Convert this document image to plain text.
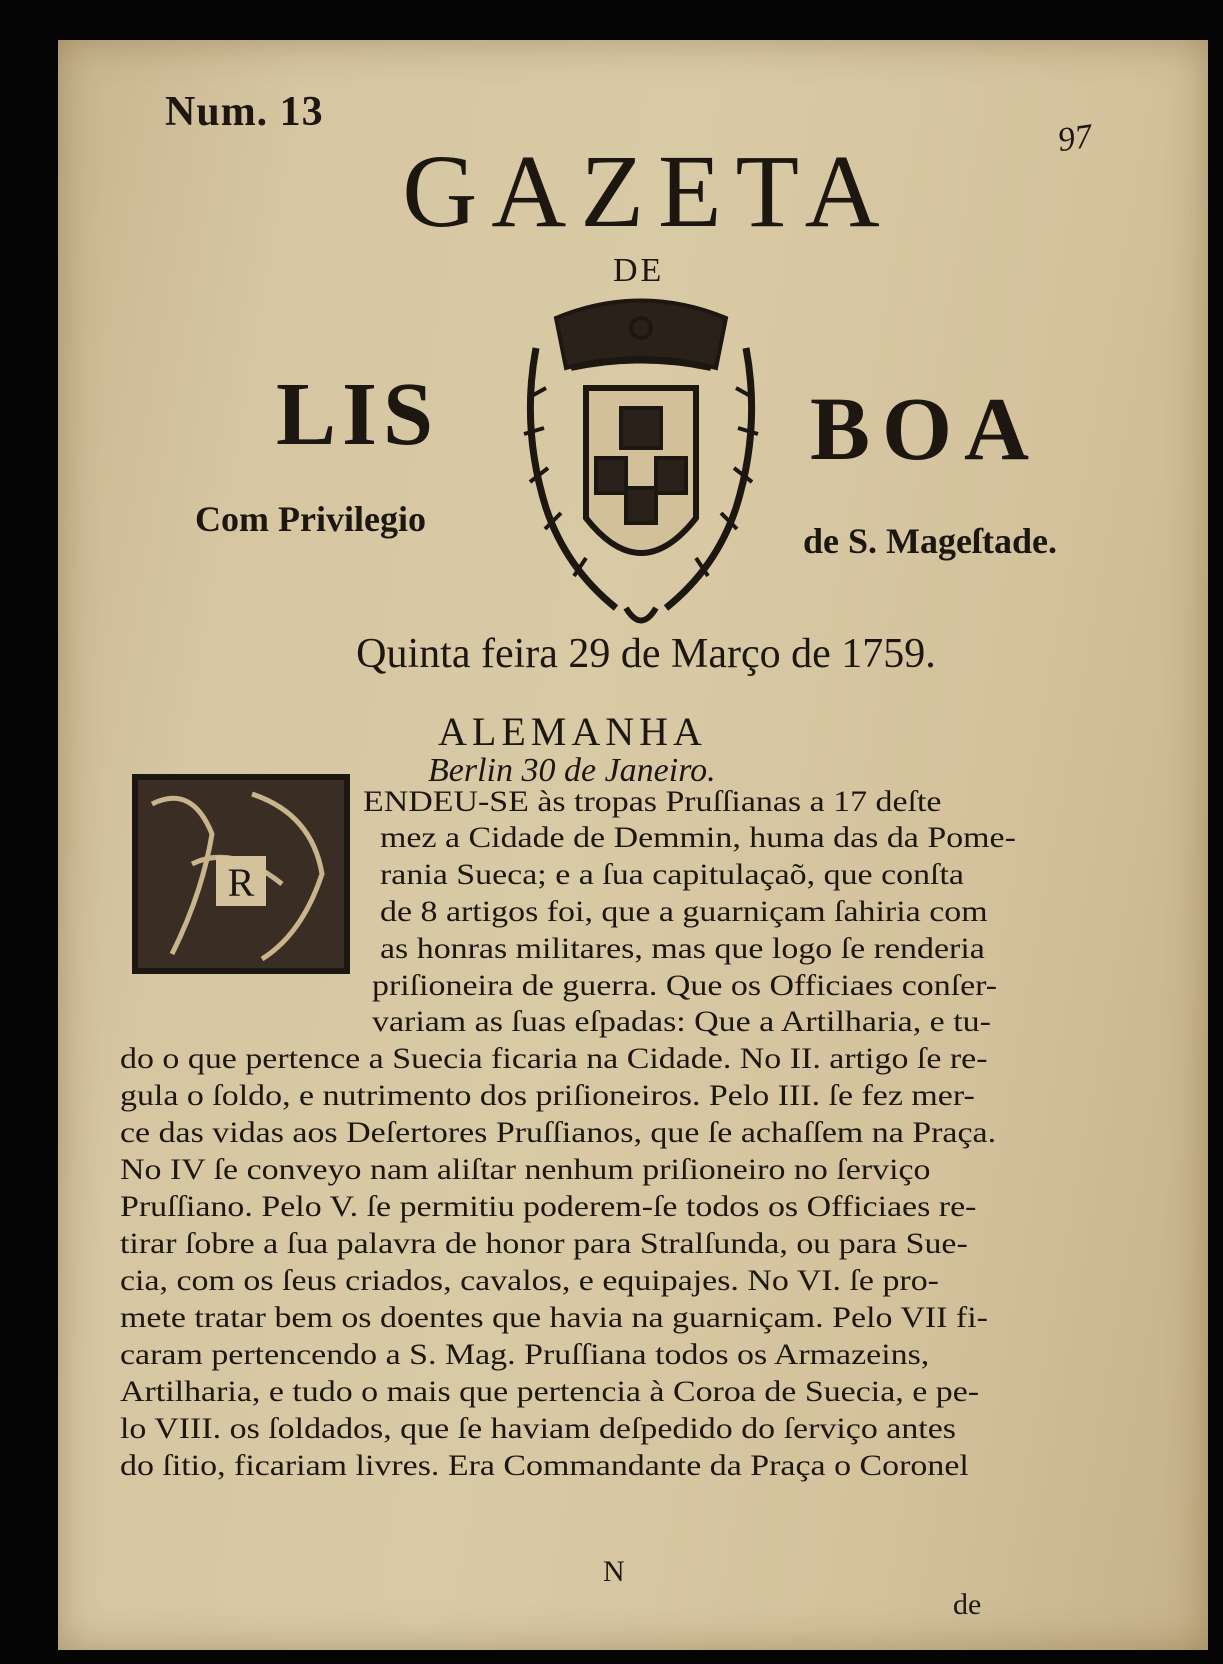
Num. 13
97
GAZETA
DE
LIS	BOA
Com Privilegio
de S. Mageſtade.
Quinta feira 29 de Março de 1759.
ALEMANHA
Berlin 30 de Janeiro.
R
ENDEU-SE às tropas Pruſſianas a 17 deſte
mez a Cidade de Demmin, huma das da Pome-
rania Sueca; e a ſua capitulaçaõ, que conſta
de 8 artigos foi, que a guarniçam ſahiria com
as honras militares, mas que logo ſe renderia
priſioneira de guerra. Que os Officiaes conſer-
variam as ſuas eſpadas: Que a Artilharia, e tu-
do o que pertence a Suecia ficaria na Cidade. No II. artigo ſe re-
gula o ſoldo, e nutrimento dos priſioneiros. Pelo III. ſe fez mer-
ce das vidas aos Deſertores Pruſſianos, que ſe achaſſem na Praça.
No IV ſe conveyo nam aliſtar nenhum priſioneiro no ſerviço
Pruſſiano. Pelo V. ſe permitiu poderem-ſe todos os Officiaes re-
tirar ſobre a ſua palavra de honor para Stralſunda, ou para Sue-
cia, com os ſeus criados, cavalos, e equipajes. No VI. ſe pro-
mete tratar bem os doentes que havia na guarniçam. Pelo VII fi-
caram pertencendo a S. Mag. Pruſſiana todos os Armazeins,
Artilharia, e tudo o mais que pertencia à Coroa de Suecia, e pe-
lo VIII. os ſoldados, que ſe haviam deſpedido do ſerviço antes
do ſitio, ficariam livres. Era Commandante da Praça o Coronel
N
de
